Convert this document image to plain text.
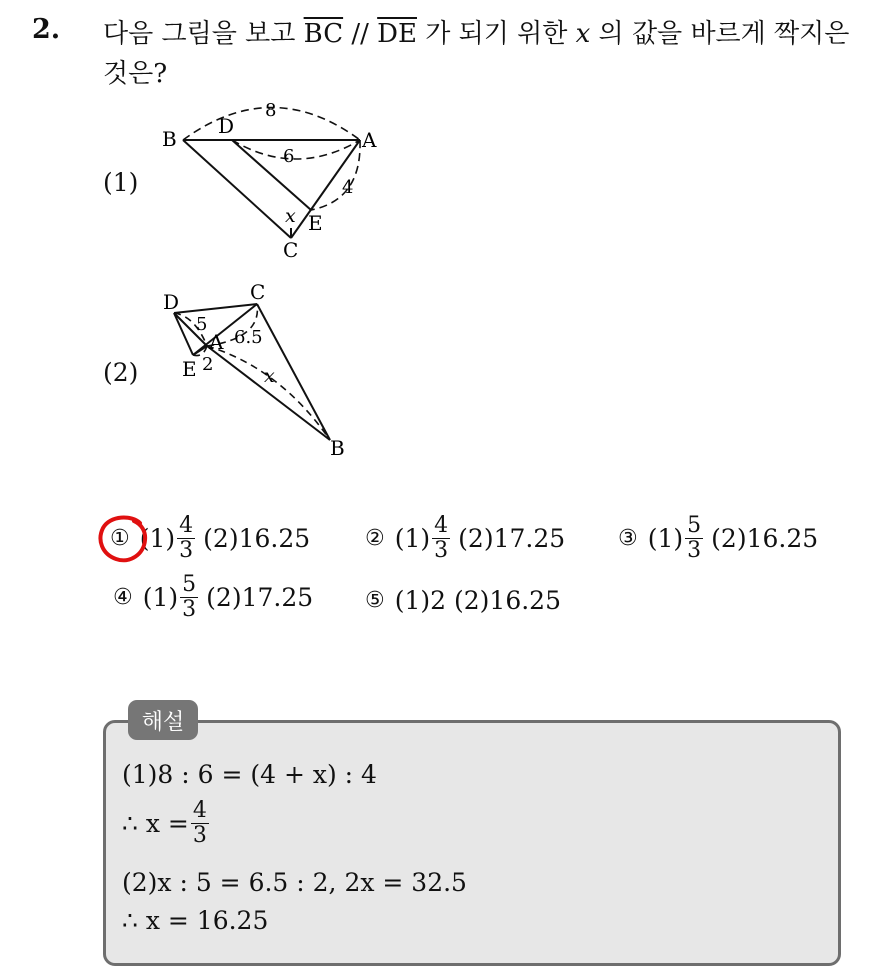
2. 다음 그림을 보고 $\overline{BC} // \overline{DE}$ 가 되기 위한 x 의 값을 바르게 짝지은 것은?
(1)
B
D
A
E
C
8
6
4
x
(2)
D	C
A
E
B
5
2
6.5
x
① $(1) \frac{4}{3} (2)16.25$ ② $(1) \frac{4}{3} (2)17.25$ ③ $(1) \frac{5}{3} (2)16.25$
④ $(1) \frac{5}{3} (2)17.25$ ⑤ (1)2 (2)16.25
해설
(1)8 : 6 = (4 + x) : 4
∴ $x = \frac{4}{3}$
(2)x : 5 = 6.5 : 2, 2x = 32.5
∴ x = 16.25
